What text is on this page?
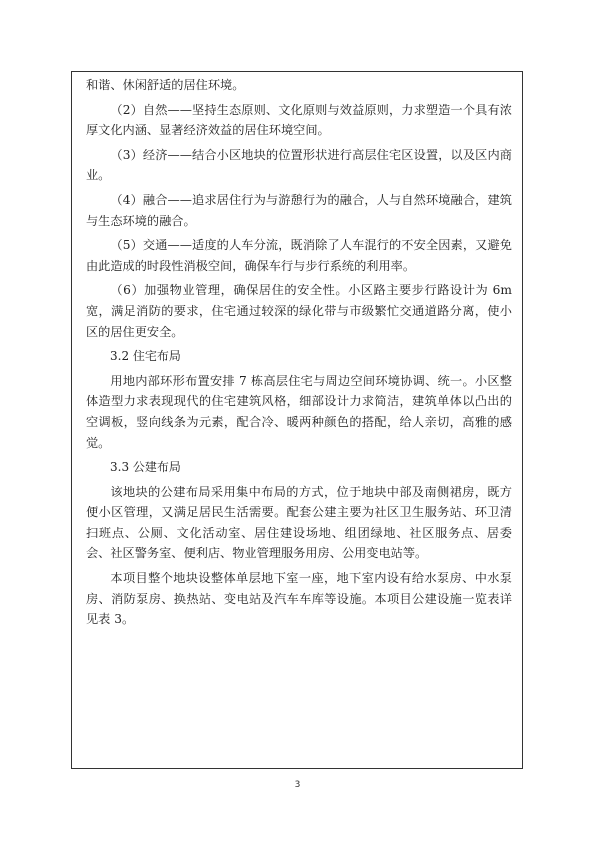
和谐、休闲舒适的居住环境。

（2）自然——坚持生态原则、文化原则与效益原则，力求塑造一个具有浓厚文化内涵、显著经济效益的居住环境空间。

（3）经济——结合小区地块的位置形状进行高层住宅区设置，以及区内商业。

（4）融合——追求居住行为与游憩行为的融合，人与自然环境融合，建筑与生态环境的融合。

（5）交通——适度的人车分流，既消除了人车混行的不安全因素，又避免由此造成的时段性消极空间，确保车行与步行系统的利用率。

（6）加强物业管理，确保居住的安全性。小区路主要步行路设计为 6m 宽，满足消防的要求，住宅通过较深的绿化带与市级繁忙交通道路分离，使小区的居住更安全。

3.2 住宅布局

用地内部环形布置安排 7 栋高层住宅与周边空间环境协调、统一。小区整体造型力求表现现代的住宅建筑风格，细部设计力求简洁，建筑单体以凸出的空调板，竖向线条为元素，配合冷、暖两种颜色的搭配，给人亲切，高雅的感觉。

3.3 公建布局

该地块的公建布局采用集中布局的方式，位于地块中部及南侧裙房，既方便小区管理，又满足居民生活需要。配套公建主要为社区卫生服务站、环卫清扫班点、公厕、文化活动室、居住建设场地、组团绿地、社区服务点、居委会、社区警务室、便利店、物业管理服务用房、公用变电站等。

本项目整个地块设整体单层地下室一座，地下室内设有给水泵房、中水泵房、消防泵房、换热站、变电站及汽车车库等设施。本项目公建设施一览表详见表 3。

3
